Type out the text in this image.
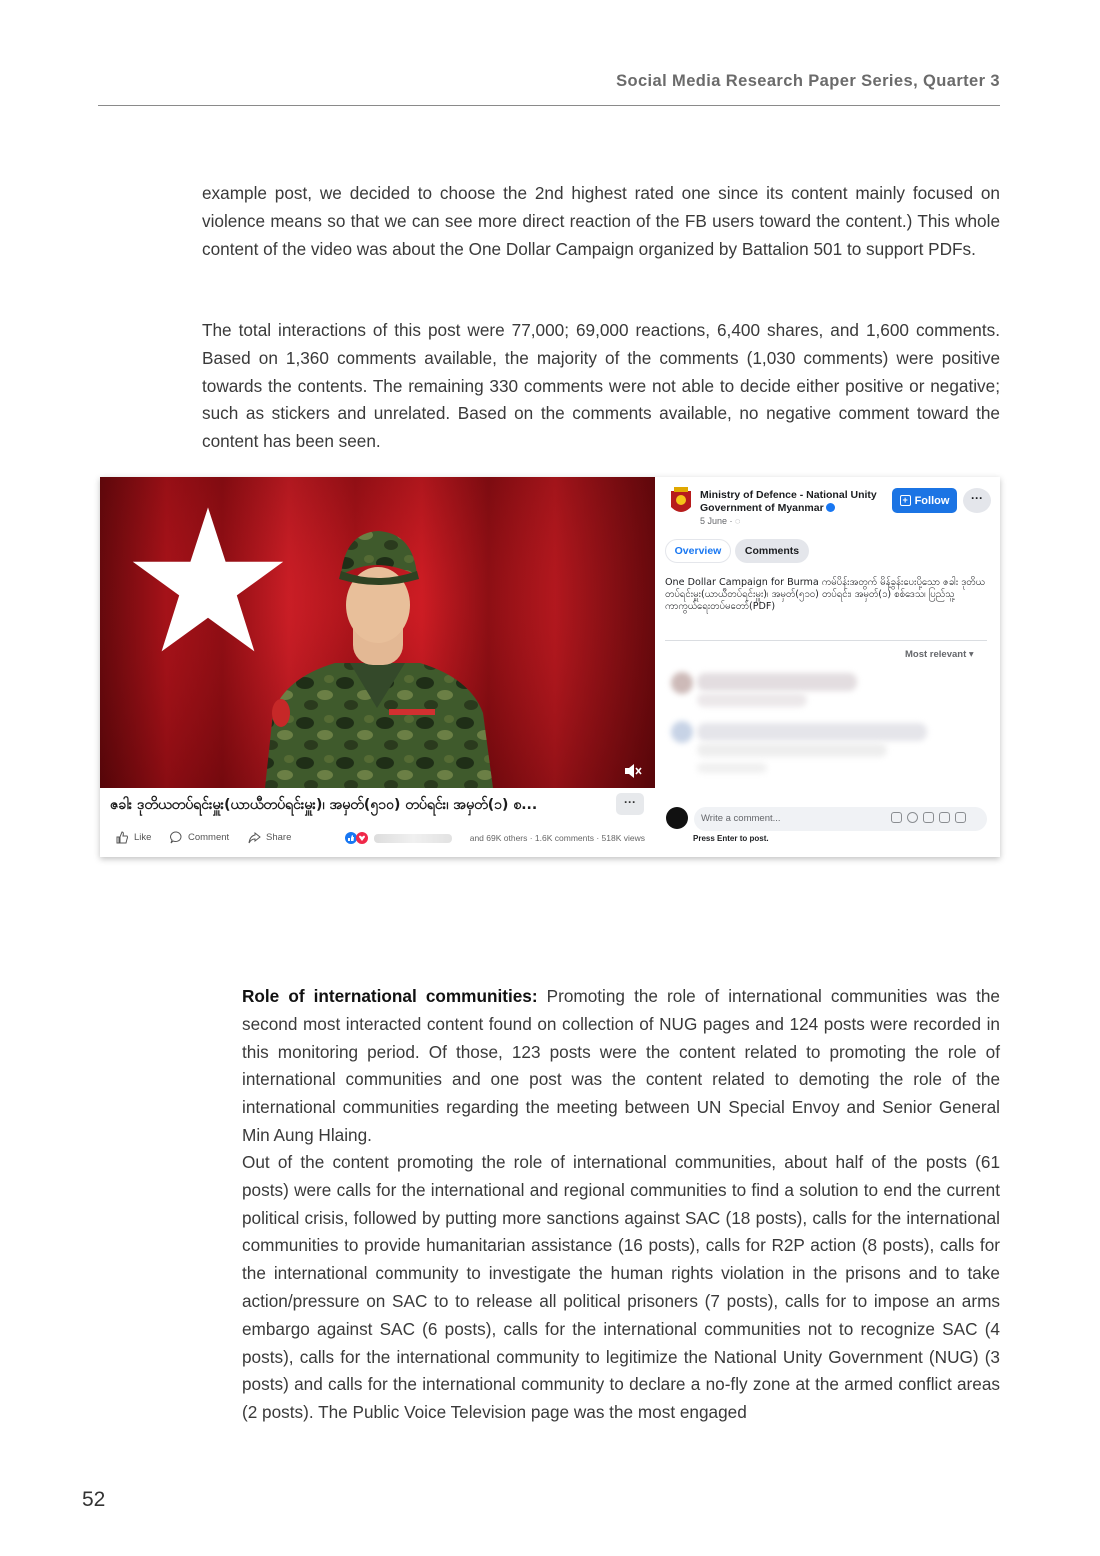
Social Media Research Paper Series, Quarter 3

example post, we decided to choose the 2nd highest rated one since its content mainly focused on violence means so that we can see more direct reaction of the FB users toward the content.) This whole content of the video was about the One Dollar Campaign organized by Battalion 501 to support PDFs.

The total interactions of this post were 77,000; 69,000 reactions, 6,400 shares, and 1,600 comments. Based on 1,360 comments available, the majority of the comments (1,030 comments) were positive towards the contents. The remaining 330 comments were not able to decide either positive or negative; such as stickers and unrelated. Based on the comments available, no negative comment toward the content has been seen.

ဇခါး ဒုတိယတပ်ရင်းမှူး(ယာယီတပ်ရင်းမှူး)၊ အမှတ်(၅၁၀) တပ်ရင်း၊ အမှတ်(၁) စ...	···
Like	Comment	Share	and 69K others · 1.6K comments · 518K views
Ministry of Defence - National Unity Government of Myanmar
5 June · ◌
+ Follow	···
Overview	Comments
One Dollar Campaign for Burma ကမ်ပိန်းအတွက် မိန့်ခွန်းပေးပို့သော ဇခါး ဒုတိယတပ်ရင်းမှူး(ယာယီတပ်ရင်းမှူး)၊ အမှတ်(၅၁၀) တပ်ရင်း၊ အမှတ်(၁) စစ်ဒေသ၊ ပြည်သူ့ကာကွယ်ရေးတပ်မတော်(PDF)
Most relevant ▾
Write a comment...
Press Enter to post.

Role of international communities: Promoting the role of international communities was the second most interacted content found on collection of NUG pages and 124 posts were recorded in this monitoring period. Of those, 123 posts were the content related to promoting the role of international communities and one post was the content related to demoting the role of the international communities regarding the meeting between UN Special Envoy and Senior General Min Aung Hlaing.

Out of the content promoting the role of international communities, about half of the posts (61 posts) were calls for the international and regional communities to find a solution to end the current political crisis, followed by putting more sanctions against SAC (18 posts), calls for the international communities to provide humanitarian assistance (16 posts), calls for R2P action (8 posts), calls for the international community to investigate the human rights violation in the prisons and to take action/pressure on SAC to to release all political prisoners (7 posts), calls for to impose an arms embargo against SAC (6 posts), calls for the international communities not to recognize SAC (4 posts), calls for the international community to legitimize the National Unity Government (NUG) (3 posts) and calls for the international community to declare a no-fly zone at the armed conflict areas (2 posts). The Public Voice Television page was the most engaged

52
